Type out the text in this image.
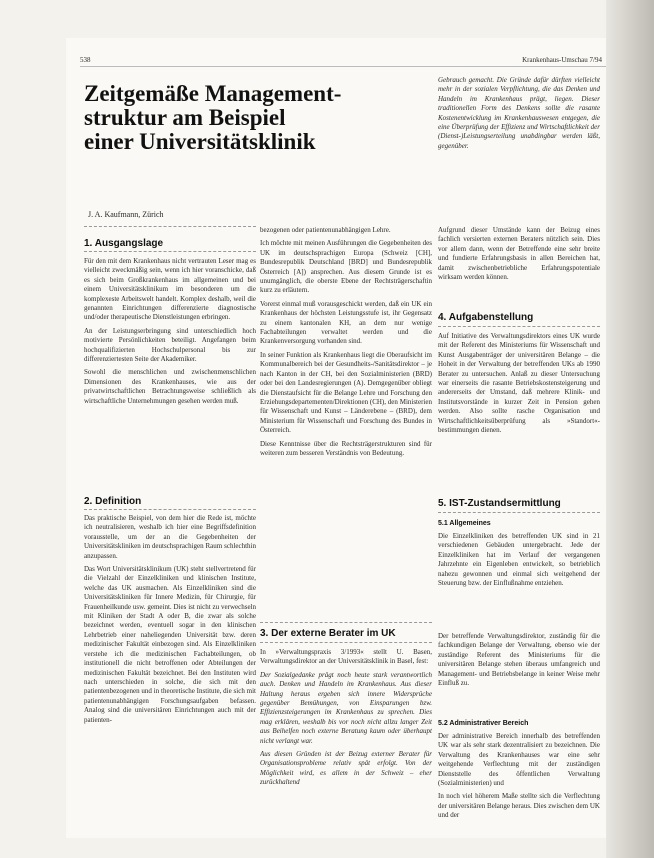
538	Krankenhaus-Umschau 7/94
Zeitgemäße Management-
struktur am Beispiel
einer Universitätsklinik
J. A. Kaufmann, Zürich
1. Ausgangslage

Für den mit dem Krankenhaus nicht vertrauten Leser mag es vielleicht zweckmäßig sein, wenn ich hier voranschicke, daß es sich beim Großkrankenhaus im allgemeinen und bei einem Universitätsklinikum im besonderen um die komplexeste Arbeitswelt handelt. Komplex deshalb, weil die genannten Einrichtungen differenzierte diagnostische und/oder therapeutische Dienstleistungen erbringen.

An der Leistungserbringung sind unterschiedlich hoch motivierte Persönlichkeiten beteiligt. Angefangen beim hochqualifizierten Hochschulpersonal bis zur differenziertesten Seite der Akademiker.

Sowohl die menschlichen und zwischenmenschlichen Dimensionen des Krankenhauses, wie aus der privatwirtschaftlichen Betrachtungsweise schließlich als wirtschaftliche Unternehmungen gesehen werden muß.

2. Definition

Das praktische Beispiel, von dem hier die Rede ist, möchte ich neutralisieren, weshalb ich hier eine Begriffsdefinition vorausstelle, um der an die Gegebenheiten der Universitätskliniken im deutschsprachigen Raum schlechthin anzupassen.

Das Wort Universitätsklinikum (UK) steht stellvertretend für die Vielzahl der Einzelkliniken und klinischen Institute, welche das UK ausmachen. Als Einzelkliniken sind die Universitätskliniken für Innere Medizin, für Chirurgie, für Frauenheilkunde usw. gemeint. Dies ist nicht zu verwechseln mit Kliniken der Stadt A oder B, die zwar als solche bezeichnet werden, eventuell sogar in den klinischen Lehrbetrieb einer naheliegenden Universität bzw. deren medizinischer Fakultät einbezogen sind. Als Einzelkliniken verstehe ich die medizinischen Fachabteilungen, ob institutionell die nicht betroffenen oder Abteilungen der medizinischen Fakultät bezeichnet. Bei den Instituten wird nach unterschieden in solche, die sich mit den patientenbezogenen und in theoretische Institute, die sich mit patientenunabhängigen Forschungsaufgaben befassen. Analog sind die universitären Einrichtungen auch mit der patienten-

bezogenen oder patientenunabhängigen Lehre.

Ich möchte mit meinen Ausführungen die Gegebenheiten des UK im deutschsprachigen Europa (Schweiz [CH], Bundesrepublik Deutschland [BRD] und Bundesrepublik Österreich [A]) ansprechen. Aus diesem Grunde ist es unumgänglich, die oberste Ebene der Rechtsträgerschaftin kurz zu erläutern.

Vorerst einmal muß vorausgeschickt werden, daß ein UK ein Krankenhaus der höchsten Leistungsstufe ist, ihr Gegensatz zu einem kantonalen KH, an dem nur wenige Fachabteilungen verwaltet werden und die Krankenversorgung vorhanden sind.

In seiner Funktion als Krankenhaus liegt die Oberaufsicht im Kommunalbereich bei der Gesundheits-/Sanitätsdirektor – je nach Kanton in der CH, bei den Sozialministerien (BRD) oder bei den Landesregierungen (A). Demgegenüber obliegt die Dienstaufsicht für die Belange Lehre und Forschung den Erziehungsdepartementen/Direktionen (CH), den Ministerien für Wissenschaft und Kunst – Länderebene – (BRD), dem Ministerium für Wissenschaft und Forschung des Bundes in Österreich.

Diese Kenntnisse über die Rechtsträgerstrukturen sind für weiteren zum besseren Verständnis von Bedeutung.

3. Der externe Berater im UK

In »Verwaltungspraxis 3/1993« stellt U. Basen, Verwaltungsdirektor an der Universitätsklinik in Basel, fest:

Der Sozialgedanke prägt noch heute stark verantwortlich auch. Denken und Handeln im Krankenhaus. Aus dieser Haltung heraus ergeben sich innere Widersprüche gegenüber Bemühungen, von Einsparungen bzw. Effizienzsteigerungen im Krankenhaus zu sprechen. Dies mag erklären, weshalb bis vor noch nicht allzu langer Zeit aus Beihelfen noch externe Beratung kaum oder überhaupt nicht verlangt war.

Aus diesen Gründen ist der Beizug externer Berater für Organisationsprobleme relativ spät erfolgt. Von der Möglichkeit wird, es allem in der Schweiz – eher zurückhaltend

Gebrauch gemacht. Die Gründe dafür dürften vielleicht mehr in der sozialen Verpflichtung, die das Denken und Handeln im Krankenhaus prägt, liegen. Dieser traditionellen Form des Denkens sollte die rasante Kostenentwicklung im Krankenhauswesen entgegen, die eine Überprüfung der Effizienz und Wirtschaftlichkeit der (Dienst-)Leistungserteilung unabdingbar werden läßt, gegenüber.

Aufgrund dieser Umstände kann der Beizug eines fachlich versierten externen Beraters nützlich sein. Dies vor allem dann, wenn der Betreffende eine sehr breite und fundierte Erfahrungsbasis in allen Bereichen hat, damit zwischenbetriebliche Erfahrungspotentiale wirksam werden können.

4. Aufgabenstellung

Auf Initiative des Verwaltungsdirektors eines UK wurde mit der Referent des Ministeriums für Wissenschaft und Kunst Ausgabenträger der universitären Belange – die Hoheit in der Verwaltung der betreffenden UKs ab 1990 Berater zu untersuchen. Anlaß zu dieser Untersuchung war einerseits die rasante Betriebskostensteigerung und andererseits der Umstand, daß mehrere Klinik- und Institutsvorstände in kurzer Zeit in Pension gehen werden. Also sollte rasche Organisation und Wirtschaftlichkeitsüberprüfung als »Standort«-bestimmungen dienen.

5. IST-Zustandsermittlung
5.1 Allgemeines

Die Einzelkliniken des betreffenden UK sind in 21 verschiedenen Gebäuden untergebracht. Jede der Einzelkliniken hat im Verlauf der vergangenen Jahrzehnte ein Eigenleben entwickelt, so betrieblich nahezu gewonnen und einmal sich weitgehend der Steuerung bzw. der Einflußnahme entziehen.

Der betreffende Verwaltungsdirektor, zuständig für die fachkundigen Belange der Verwaltung, ebenso wie der zuständige Referent des Ministeriums für die universitären Belange stehen überaus umfangreich und Management- und Betriebsbelange in keiner Weise mehr Einfluß zu.

5.2 Administrativer Bereich

Der administrative Bereich innerhalb des betreffenden UK war als sehr stark dezentralisiert zu bezeichnen. Die Verwaltung des Krankenhauses war eine sehr weitgehende Verflechtung mit der zuständigen Dienststelle des öffentlichen Verwaltung (Sozialministerien) und

In noch viel höherem Maße stellte sich die Verflechtung der universitären Belange heraus. Dies zwischen dem UK und der
